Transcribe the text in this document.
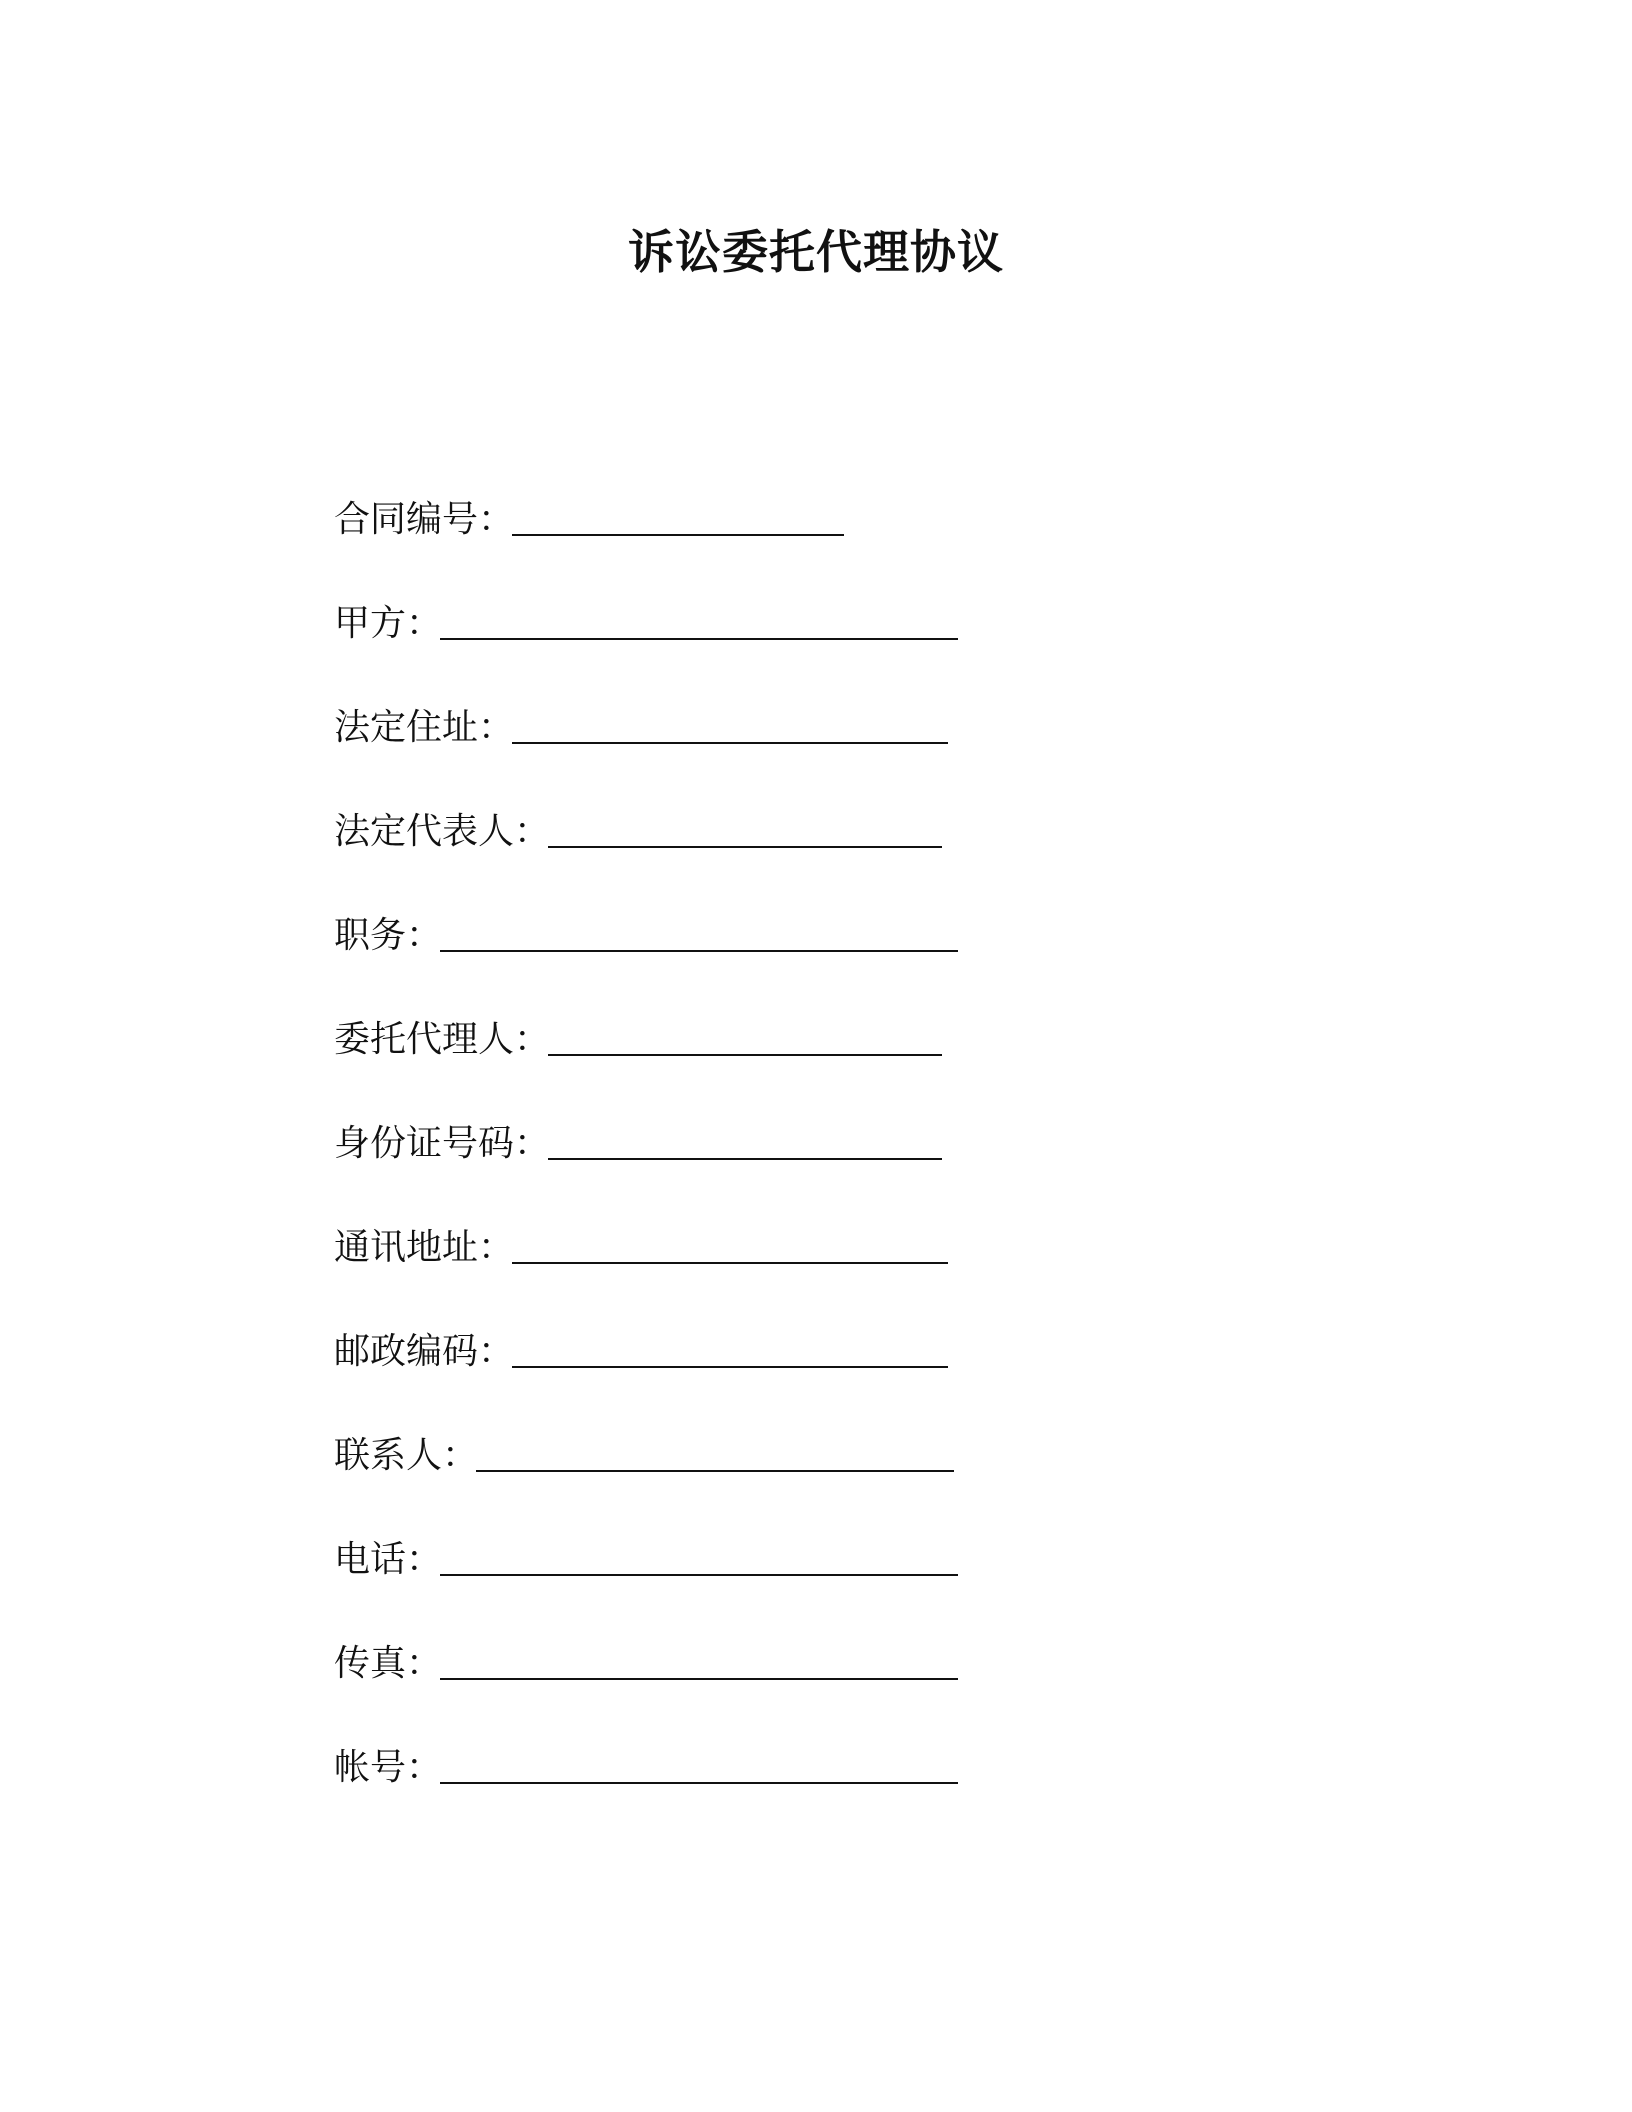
诉讼委托代理协议
合同编号 ：
甲方 ：
法定住址 ：
法定代表人 ：
职务 ：
委托代理人 ：
身份证号码 ：
通讯地址 ：
邮政编码 ：
联系人 ：
电话 ：
传真 ：
帐号 ：
